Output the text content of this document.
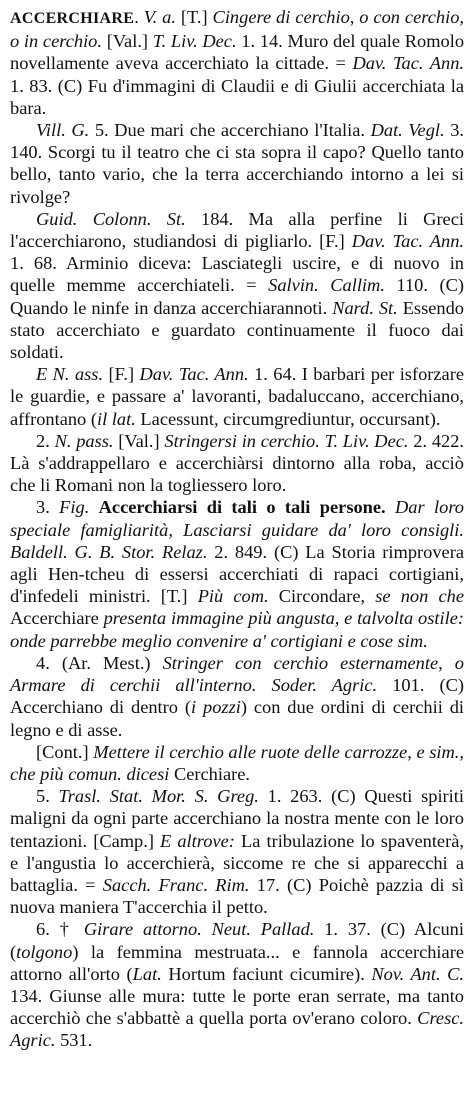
ACCERCHIARE. V. a. [T.] Cingere di cerchio, o con cerchio, o in cerchio. [Val.] T. Liv. Dec. 1. 14. Muro del quale Romolo novellamente aveva accerchiato la cittade. = Dav. Tac. Ann. 1. 83. (C) Fu d'immagini di Claudii e di Giulii accerchiata la bara.

Vill. G. 5. Due mari che accerchiano l'Italia. Dat. Vegl. 3. 140. Scorgi tu il teatro che ci sta sopra il capo? Quello tanto bello, tanto vario, che la terra accerchiando intorno a lei si rivolge?

Guid. Colonn. St. 184. Ma alla perfine li Greci l'accerchiarono, studiandosi di pigliarlo. [F.] Dav. Tac. Ann. 1. 68. Arminio diceva: Lasciategli uscire, e di nuovo in quelle memme accerchiateli. = Salvin. Callim. 110. (C) Quando le ninfe in danza accerchiarannoti. Nard. St. Essendo stato accerchiato e guardato continuamente il fuoco dai soldati.

E N. ass. [F.] Dav. Tac. Ann. 1. 64. I barbari per isforzare le guardie, e passare a' lavoranti, badaluccano, accerchiano, affrontano (il lat. Lacessunt, circumgrediuntur, occursant).

2. N. pass. [Val.] Stringersi in cerchio. T. Liv. Dec. 2. 422. Là s'addrappellaro e accerchiàrsi dintorno alla roba, acciò che li Romani non la togliessero loro.

3. Fig. Accerchiarsi di tali o tali persone. Dar loro speciale famigliarità, Lasciarsi guidare da' loro consigli. Baldell. G. B. Stor. Relaz. 2. 849. (C) La Storia rimprovera agli Hen-tcheu di essersi accerchiati di rapaci cortigiani, d'infedeli ministri. [T.] Più com. Circondare, se non che Accerchiare presenta immagine più angusta, e talvolta ostile: onde parrebbe meglio convenire a' cortigiani e cose sim.

4. (Ar. Mest.) Stringer con cerchio esternamente, o Armare di cerchii all'interno. Soder. Agric. 101. (C) Accerchiano di dentro (i pozzi) con due ordini di cerchii di legno e di asse.

[Cont.] Mettere il cerchio alle ruote delle carrozze, e sim., che più comun. dicesi Cerchiare.

5. Trasl. Stat. Mor. S. Greg. 1. 263. (C) Questi spiriti maligni da ogni parte accerchiano la nostra mente con le loro tentazioni. [Camp.] E altrove: La tribulazione lo spaventerà, e l'angustia lo accerchierà, siccome re che si apparecchi a battaglia. = Sacch. Franc. Rim. 17. (C) Poichè pazzia di sì nuova maniera T'accerchia il petto.

6. † Girare attorno. Neut. Pallad. 1. 37. (C) Alcuni (tolgono) la femmina mestruata... e fannola accerchiare attorno all'orto (Lat. Hortum faciunt cicumire). Nov. Ant. C. 134. Giunse alle mura: tutte le porte eran serrate, ma tanto accerchiò che s'abbattè a quella porta ov'erano coloro. Cresc. Agric. 531.
